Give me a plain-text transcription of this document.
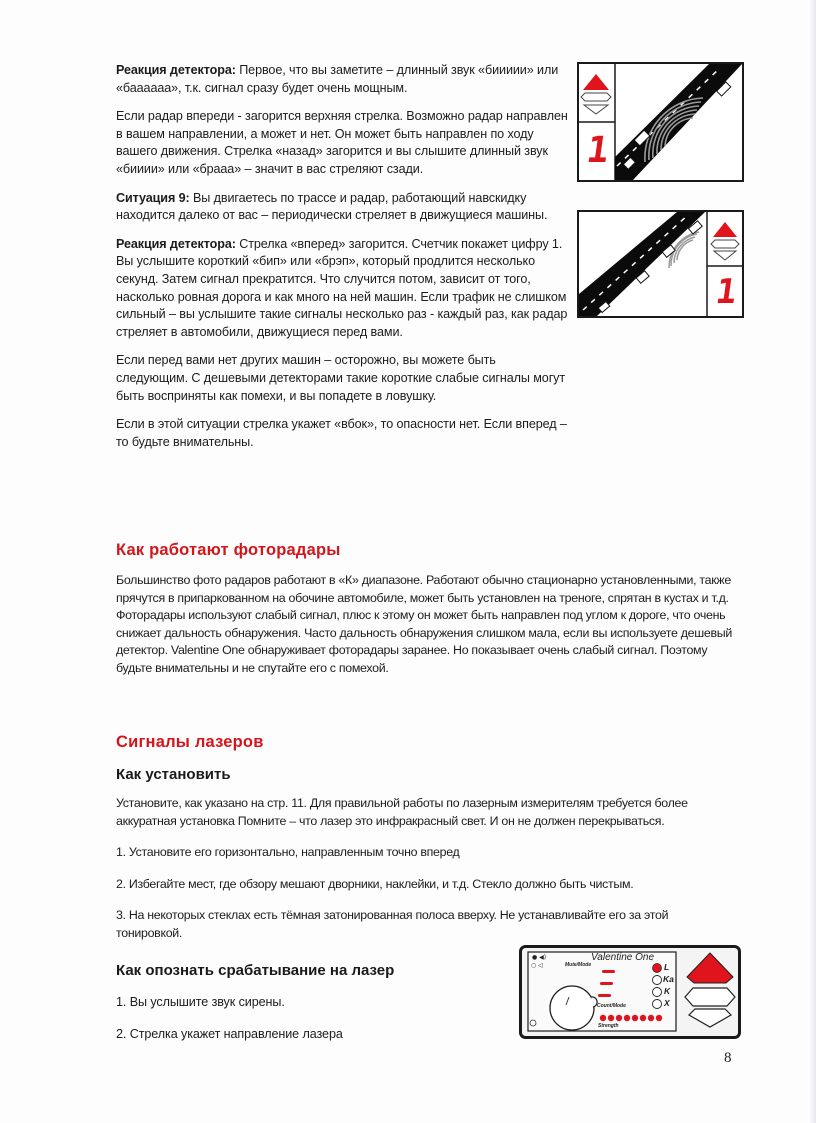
Реакция детектора: Первое, что вы заметите – длинный звук «биииии» или «баааааа», т.к. сигнал сразу будет очень мощным.

Если радар впереди - загорится верхняя стрелка. Возможно радар направлен в вашем направлении, а может и нет. Он может быть направлен по ходу вашего движения. Стрелка «назад» загорится и вы слышите длинный звук «бииии» или «брааа» – значит в вас стреляют сзади.

Ситуация 9: Вы двигаетесь по трассе и радар, работающий навскидку находится далеко от вас – периодически стреляет в движущиеся машины.

Реакция детектора: Стрелка «вперед» загорится. Счетчик покажет цифру 1. Вы услышите короткий «бип» или «брэп», который продлится несколько секунд. Затем сигнал прекратится. Что случится потом, зависит от того, насколько ровная дорога и как много на ней машин. Если трафик не слишком сильный – вы услышите такие сигналы несколько раз - каждый раз, как радар стреляет в автомобили, движущиеся перед вами.

Если перед вами нет других машин – осторожно, вы можете быть следующим. С дешевыми детекторами такие короткие слабые сигналы могут быть восприняты как помехи, и вы попадете в ловушку.

Если в этой ситуации стрелка укажет «вбок», то опасности нет. Если вперед – то будьте внимательны.

1
1
Как работают фоторадары

Большинство фото радаров работают в «К» диапазоне. Работают обычно стационарно установленными, также прячутся в припаркованном на обочине автомобиле, может быть установлен на треноге, спрятан в кустах и т.д. Фоторадары используют слабый сигнал, плюс к этому он может быть направлен под углом к дороге, что очень снижает дальность обнаружения. Часто дальность обнаружения слишком мала, если вы используете дешевый детектор. Valentine One обнаруживает фоторадары заранее. Но показывает очень слабый сигнал. Поэтому будьте внимательны и не спутайте его с помехой.

Сигналы лазеров
Как установить

Установите, как указано на стр. 11. Для правильной работы по лазерным измерителям требуется более аккуратная установка Помните – что лазер это инфракрасный свет. И он не должен перекрываться.

1. Установите его горизонтально, направленным точно вперед

2. Избегайте мест, где обзору мешают дворники, наклейки, и т.д. Стекло должно быть чистым.

3. На некоторых стеклах есть тёмная затонированная полоса вверху. Не устанавливайте его за этой тонировкой.

Как опознать срабатывание на лазер

1. Вы услышите звук сирены.

2. Стрелка укажет направление лазера

● ◀)
○ ◁
Valentine One
Mute/Mode
Count/Mode
Strength
L
Ka
K
X
8
